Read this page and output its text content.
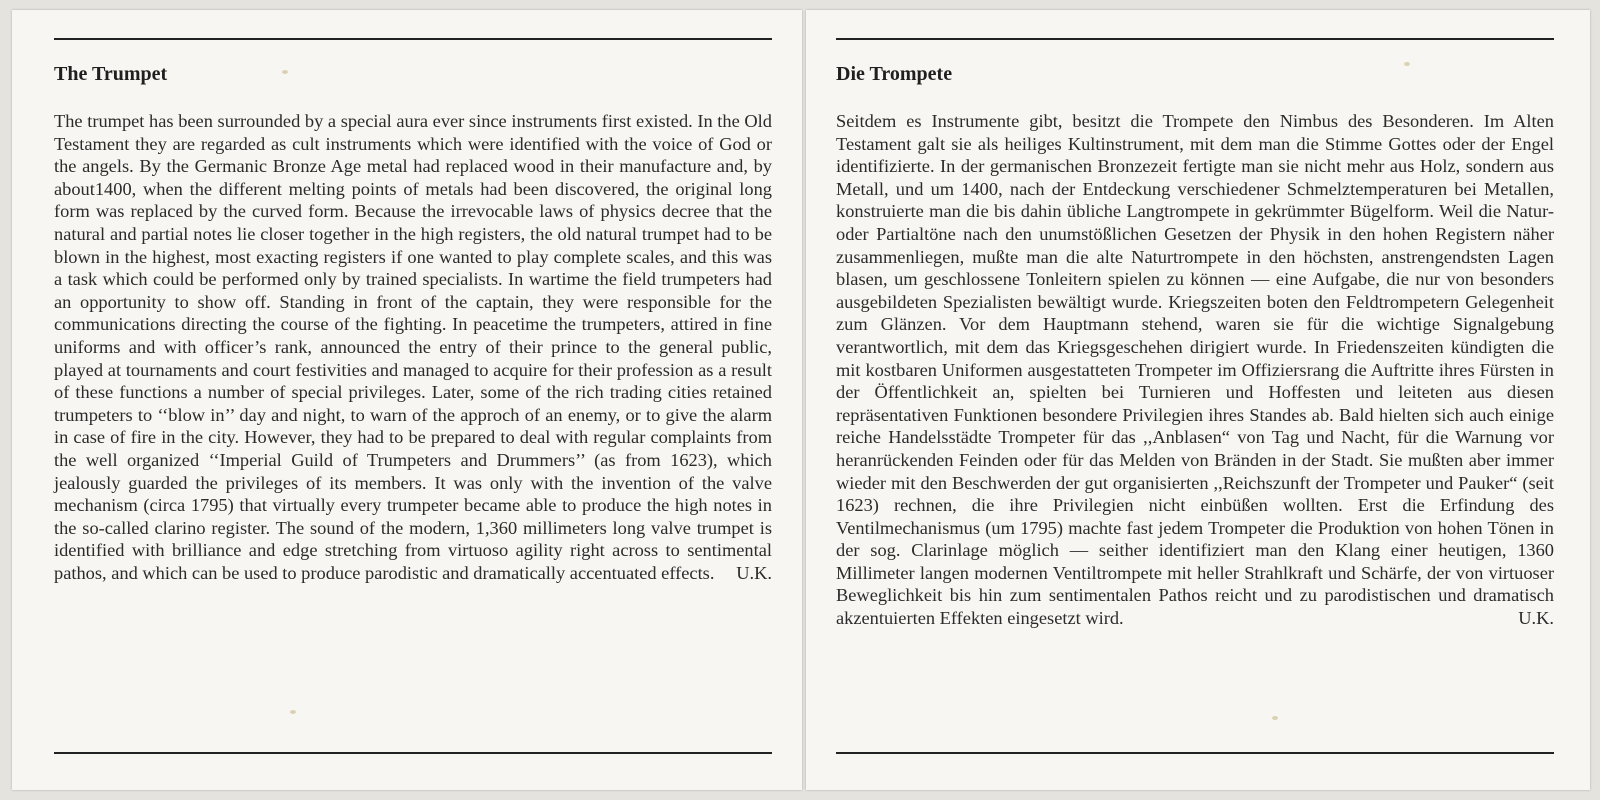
The Trumpet

The trumpet has been surrounded by a special aura ever since instruments first existed. In the Old Testament they are regarded as cult instruments which were identified with the voice of God or the angels. By the Germanic Bronze Age metal had replaced wood in their manufacture and, by about1400, when the different melting points of metals had been discovered, the original long form was replaced by the curved form. Because the irrevocable laws of physics decree that the natural and partial notes lie closer together in the high registers, the old natural trumpet had to be blown in the highest, most exacting registers if one wanted to play complete scales, and this was a task which could be performed only by trained specialists. In wartime the field trumpeters had an opportunity to show off. Standing in front of the captain, they were responsible for the communications directing the course of the fighting. In peacetime the trumpeters, attired in fine uniforms and with officer’s rank, announced the entry of their prince to the general public, played at tournaments and court festivities and managed to acquire for their profession as a result of these functions a number of special privileges. Later, some of the rich trading cities retained trumpeters to ‘‘blow in’’ day and night, to warn of the approch of an enemy, or to give the alarm in case of fire in the city. However, they had to be prepared to deal with regular complaints from the well organized ‘‘Imperial Guild of Trumpeters and Drummers’’ (as from 1623), which jealously guarded the privileges of its members. It was only with the invention of the valve mechanism (circa 1795) that virtually every trumpeter became able to produce the high notes in the so-called clarino register. The sound of the modern, 1,360 millimeters long valve trumpet is identified with brilliance and edge stretching from virtuoso agility right across to sentimental pathos, and which can be used to produce parodistic and dramatically accentuated effects. U.K.

Die Trompete

Seitdem es Instrumente gibt, besitzt die Trompete den Nimbus des Besonderen. Im Alten Testament galt sie als heiliges Kultinstrument, mit dem man die Stimme Gottes oder der Engel identifizierte. In der germanischen Bronzezeit fertigte man sie nicht mehr aus Holz, sondern aus Metall, und um 1400, nach der Entdeckung verschiedener Schmelztemperaturen bei Metallen, konstruierte man die bis dahin übliche Langtrompete in gekrümmter Bügelform. Weil die Natur- oder Partialtöne nach den unumstößlichen Gesetzen der Physik in den hohen Registern näher zusammenliegen, mußte man die alte Naturtrompete in den höchsten, anstrengendsten Lagen blasen, um geschlossene Tonleitern spielen zu können — eine Aufgabe, die nur von besonders ausgebildeten Spezialisten bewältigt wurde. Kriegszeiten boten den Feldtrompetern Gelegenheit zum Glänzen. Vor dem Hauptmann stehend, waren sie für die wichtige Signalgebung verantwortlich, mit dem das Kriegsgeschehen dirigiert wurde. In Friedenszeiten kündigten die mit kostbaren Uniformen ausgestatteten Trompeter im Offiziersrang die Auftritte ihres Fürsten in der Öffentlichkeit an, spielten bei Turnieren und Hoffesten und leiteten aus diesen repräsentativen Funktionen besondere Privilegien ihres Standes ab. Bald hielten sich auch einige reiche Handelsstädte Trompeter für das ,,Anblasen“ von Tag und Nacht, für die Warnung vor heranrückenden Feinden oder für das Melden von Bränden in der Stadt. Sie mußten aber immer wieder mit den Beschwerden der gut organisierten ,,Reichszunft der Trompeter und Pauker“ (seit 1623) rechnen, die ihre Privilegien nicht einbüßen wollten. Erst die Erfindung des Ventilmechanismus (um 1795) machte fast jedem Trompeter die Produktion von hohen Tönen in der sog. Clarinlage möglich — seither identifiziert man den Klang einer heutigen, 1360 Millimeter langen modernen Ventiltrompete mit heller Strahlkraft und Schärfe, der von virtuoser Beweglichkeit bis hin zum sentimentalen Pathos reicht und zu parodistischen und dramatisch akzentuierten Effekten eingesetzt wird.	U.K.
